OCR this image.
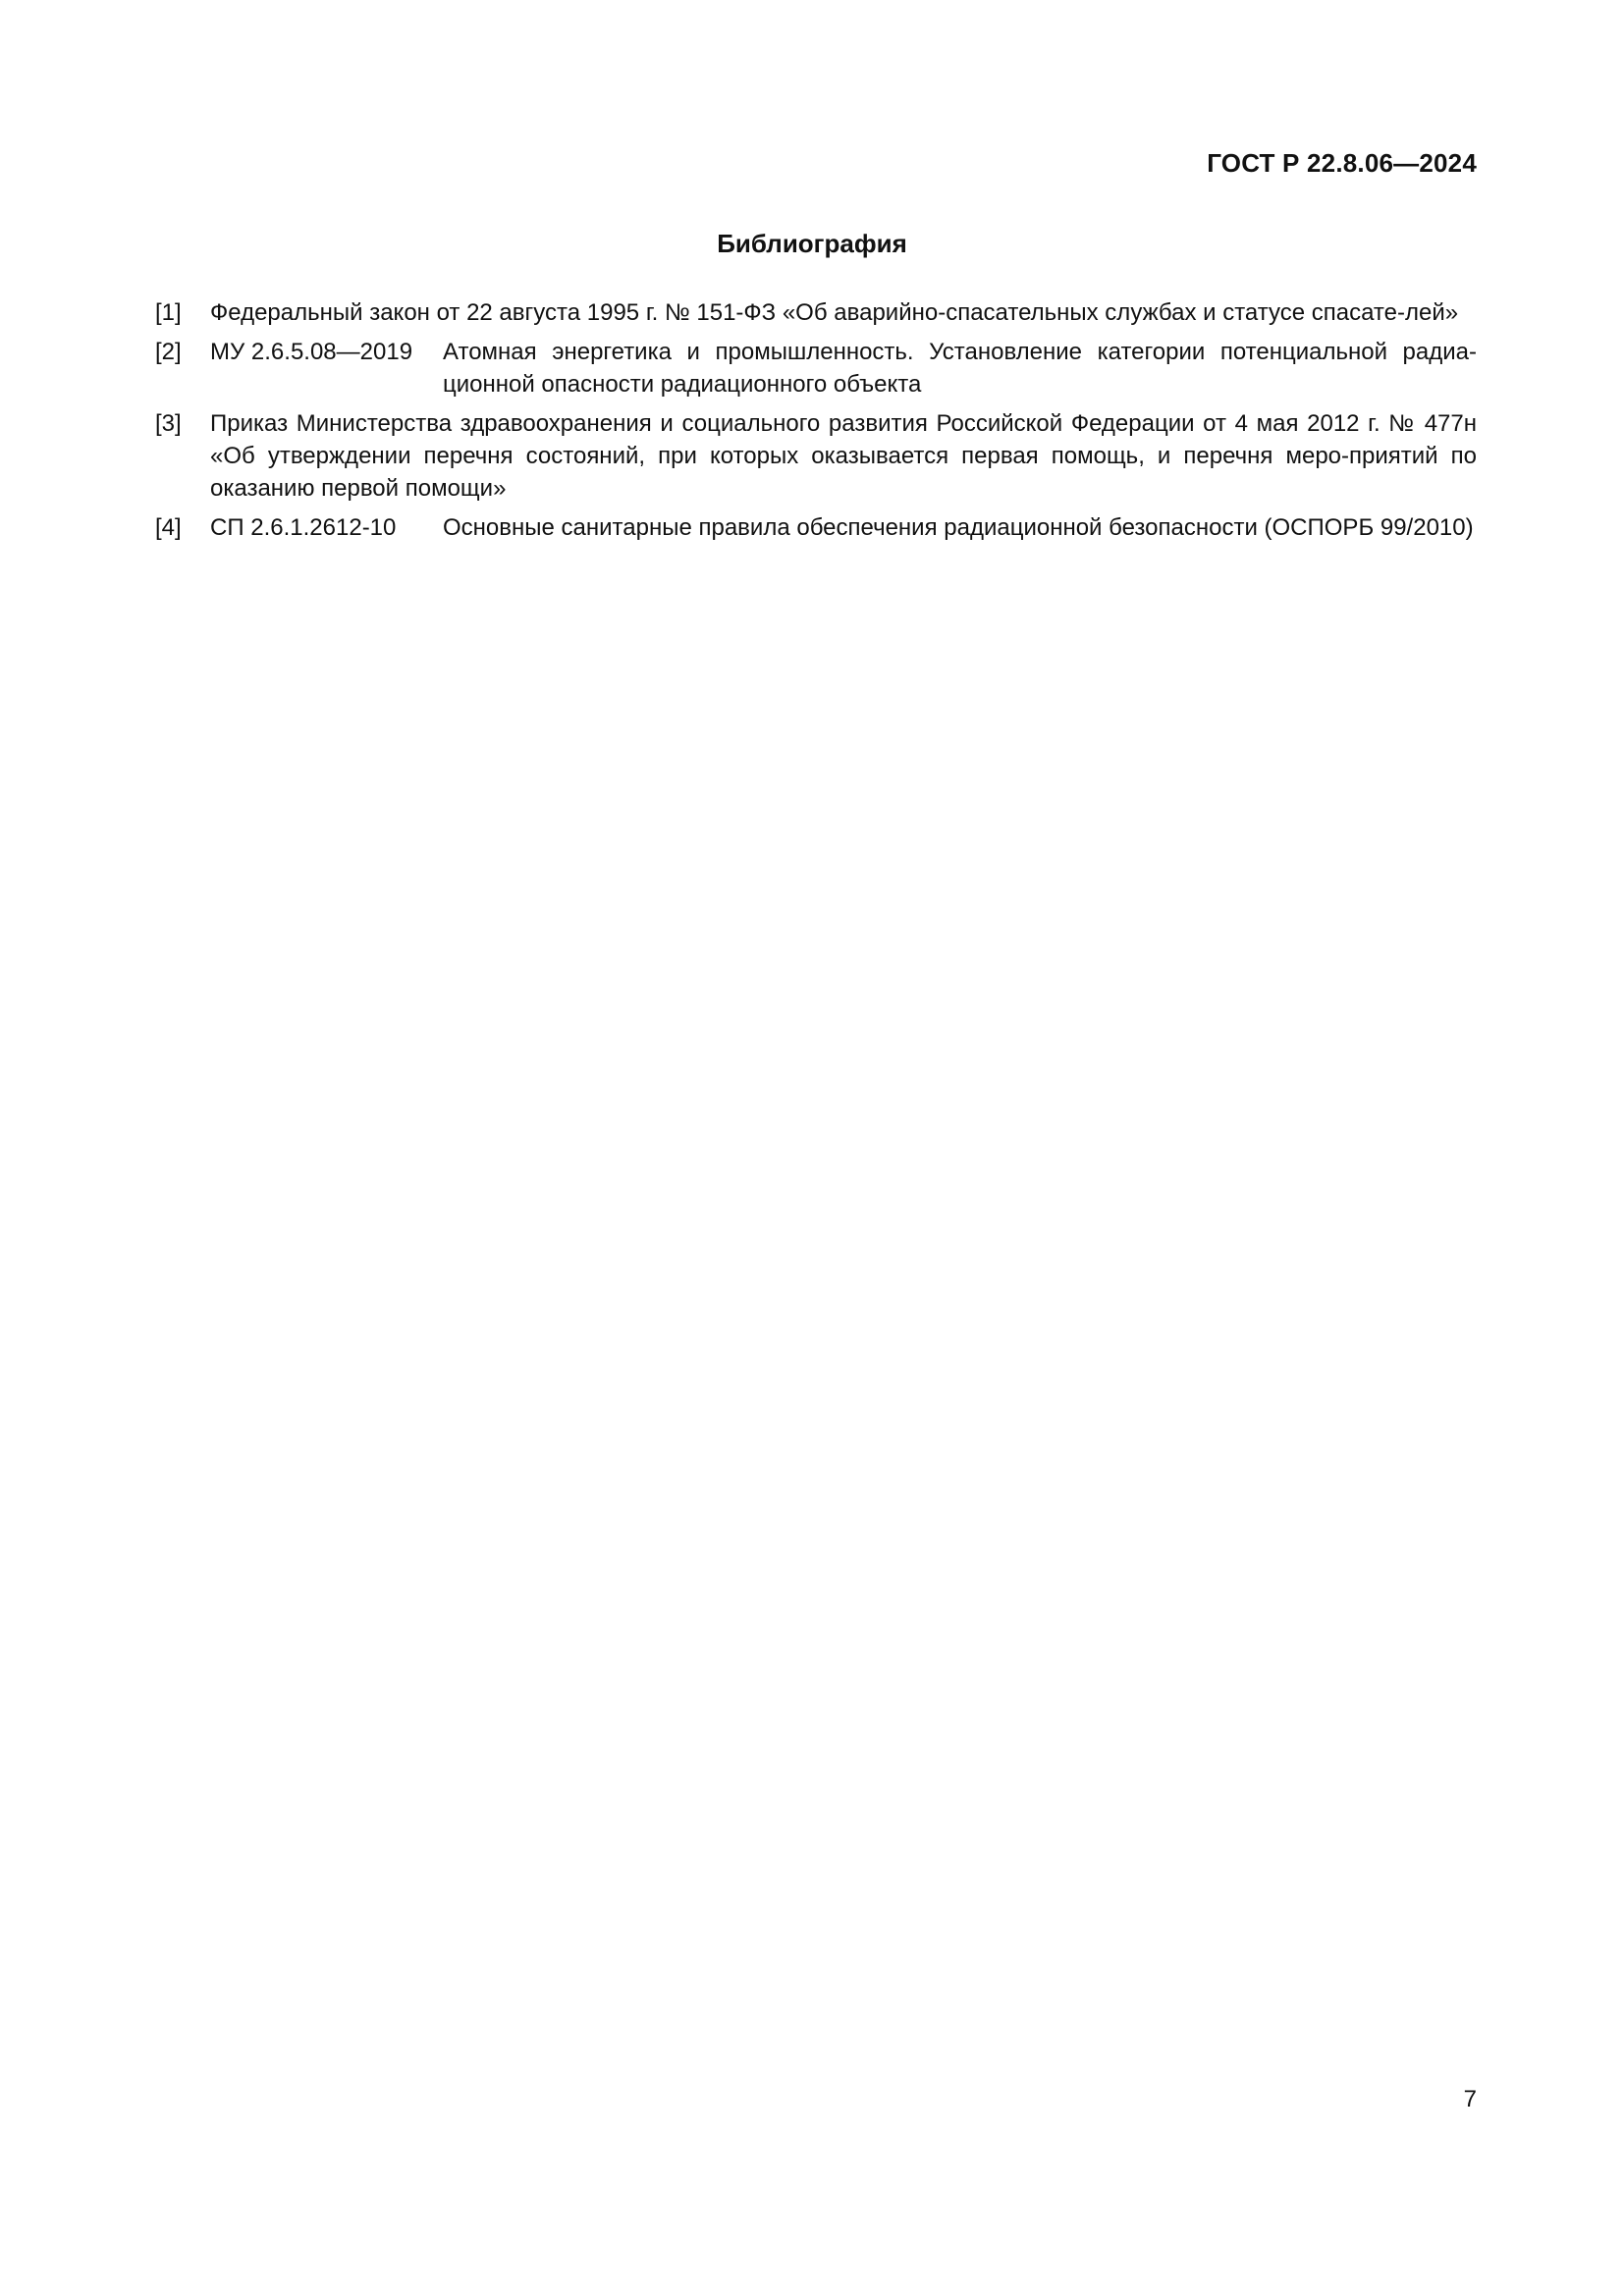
ГОСТ Р 22.8.06—2024
Библиография
[1]	Федеральный закон от 22 августа 1995 г. № 151-ФЗ «Об аварийно-спасательных службах и статусе спасате-лей»
[2]	МУ 2.6.5.08—2019	Атомная энергетика и промышленность. Установление категории потенциальной радиа-ционной опасности радиационного объекта
[3]	Приказ Министерства здравоохранения и социального развития Российской Федерации от 4 мая 2012 г. № 477н «Об утверждении перечня состояний, при которых оказывается первая помощь, и перечня меро-приятий по оказанию первой помощи»
[4]	СП 2.6.1.2612-10	Основные санитарные правила обеспечения радиационной безопасности (ОСПОРБ 99/2010)
7
